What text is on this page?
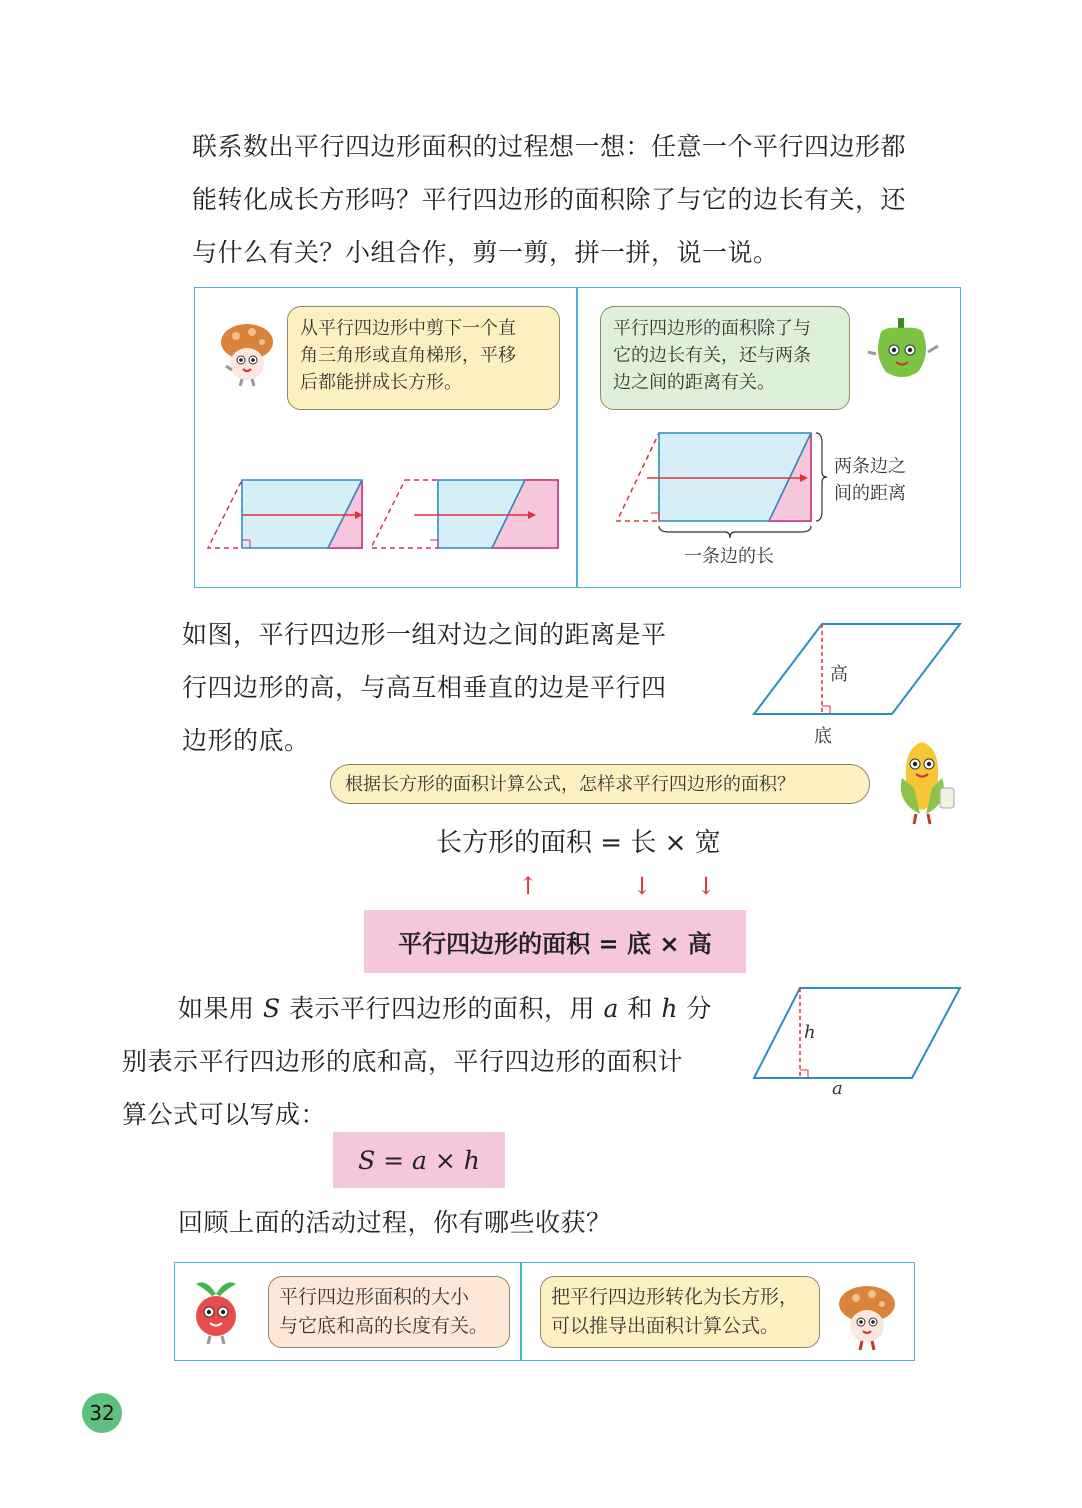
联系数出平行四边形面积的过程想一想：任意一个平行四边形都
能转化成长方形吗？平行四边形的面积除了与它的边长有关，还
与什么有关？小组合作，剪一剪，拼一拼，说一说。
从平行四边形中剪下一个直
角三角形或直角梯形，平移
后都能拼成长方形。
平行四边形的面积除了与
它的边长有关，还与两条
边之间的距离有关。
两条边之
间的距离
一条边的长
如图，平行四边形一组对边之间的距离是平
行四边形的高，与高互相垂直的边是平行四
边形的底。
高
底
根据长方形的面积计算公式，怎样求平行四边形的面积？
长方形的面积 = 长 × 宽
↑	↓ ↓
平行四边形的面积 = 底 × 高
如果用 S 表示平行四边形的面积，用 a 和 h 分
别表示平行四边形的底和高，平行四边形的面积计
算公式可以写成：
h
a
S = a × h
回顾上面的活动过程，你有哪些收获？
平行四边形面积的大小
与它底和高的长度有关。
把平行四边形转化为长方形，
可以推导出面积计算公式。
32
